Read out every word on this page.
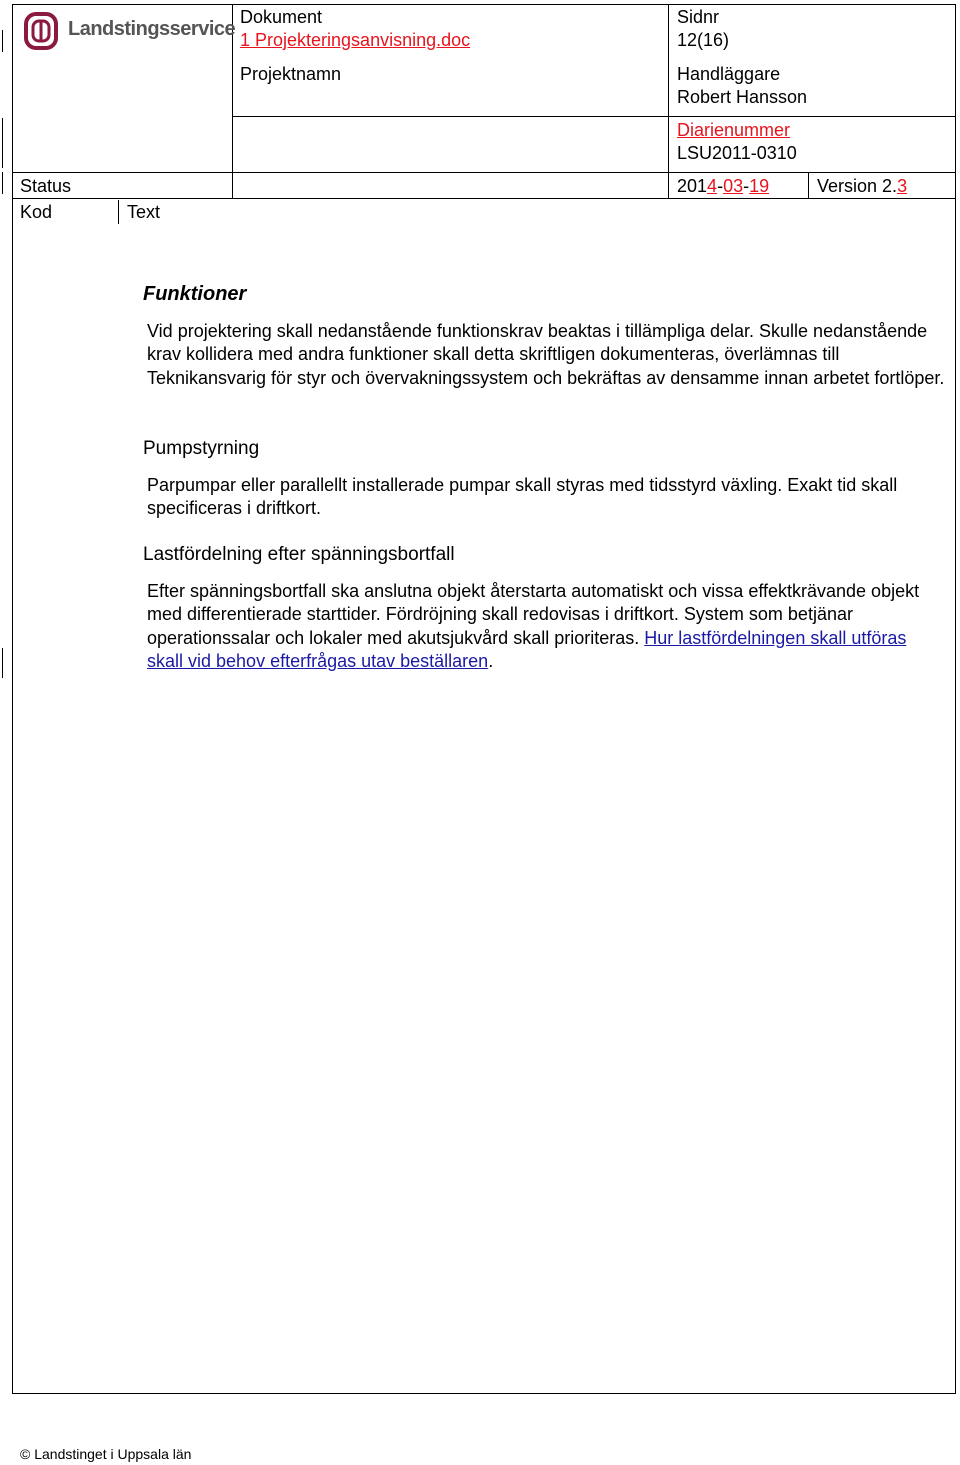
Landstingsservice
Dokument
1 Projekteringsanvisning.doc
Projektnamn
Sidnr
12(16)
Handläggare
Robert Hansson
Diarienummer
LSU2011-0310
Status	2014-03-19	Version 2.3
Kod	Text
Funktioner
Vid projektering skall nedanstående funktionskrav beaktas i tillämpliga delar. Skulle nedanstående krav kollidera med andra funktioner skall detta skriftligen dokumenteras, överlämnas till Teknikansvarig för styr och övervakningssystem och bekräftas av densamme innan arbetet fortlöper.
Pumpstyrning
Parpumpar eller parallellt installerade pumpar skall styras med tidsstyrd växling. Exakt tid skall specificeras i driftkort.
Lastfördelning efter spänningsbortfall
Efter spänningsbortfall ska anslutna objekt återstarta automatiskt och vissa effektkrävande objekt med differentierade starttider. Fördröjning skall redovisas i driftkort. System som betjänar operationssalar och lokaler med akutsjukvård skall prioriteras. Hur lastfördelningen skall utföras skall vid behov efterfrågas utav beställaren.
© Landstinget i Uppsala län
